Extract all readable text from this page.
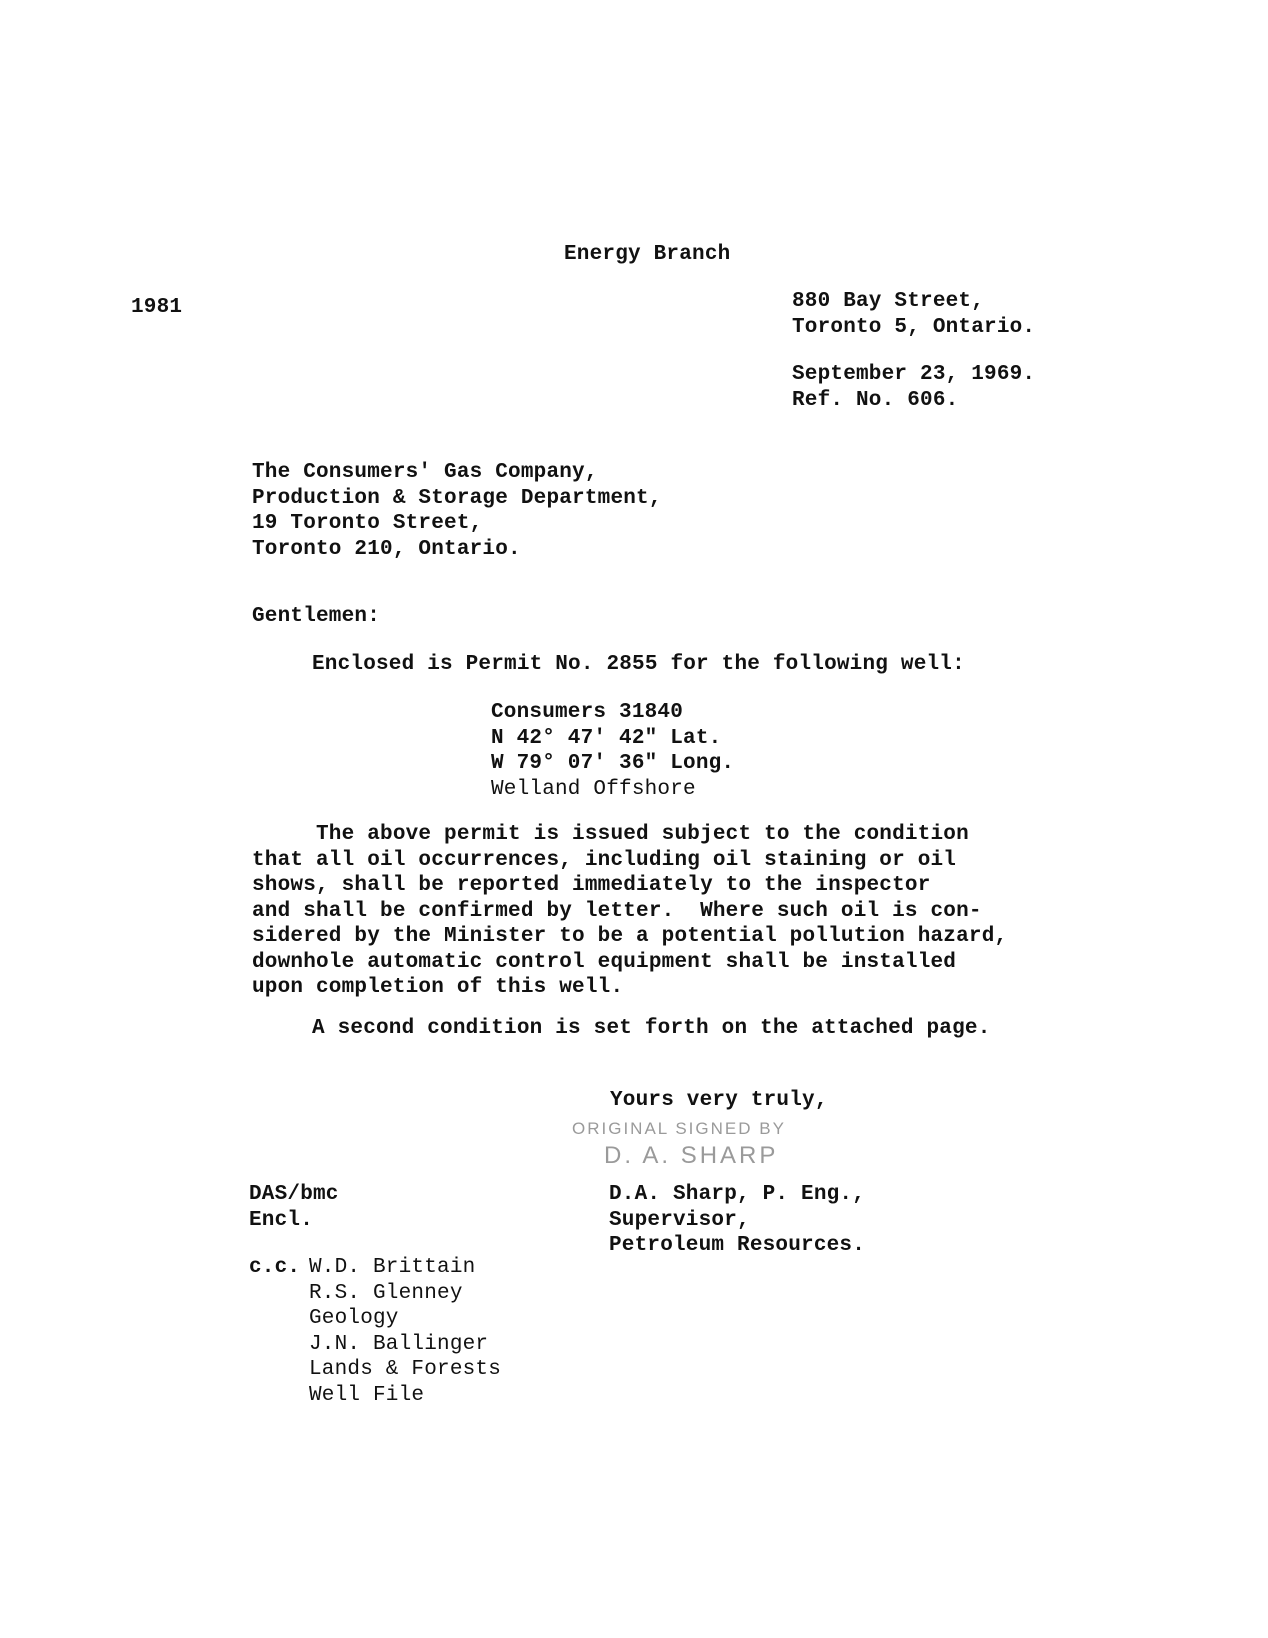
Energy Branch
1981	880 Bay Street,
Toronto 5, Ontario.
September 23, 1969.
Ref. No. 606.
The Consumers' Gas Company,
Production & Storage Department,
19 Toronto Street,
Toronto 210, Ontario.
Gentlemen:
Enclosed is Permit No. 2855 for the following well:
Consumers 31840
N 42° 47' 42" Lat.
W 79° 07' 36" Long.
Welland Offshore
The above permit is issued subject to the condition
that all oil occurrences, including oil staining or oil
shows, shall be reported immediately to the inspector
and shall be confirmed by letter.  Where such oil is con-
sidered by the Minister to be a potential pollution hazard,
downhole automatic control equipment shall be installed
upon completion of this well.
A second condition is set forth on the attached page.
Yours very truly,
ORIGINAL SIGNED BY
D. A. SHARP
DAS/bmc
Encl.
D.A. Sharp, P. Eng.,
Supervisor,
Petroleum Resources.
c.c. W.D. Brittain
R.S. Glenney
Geology
J.N. Ballinger
Lands & Forests
Well File
